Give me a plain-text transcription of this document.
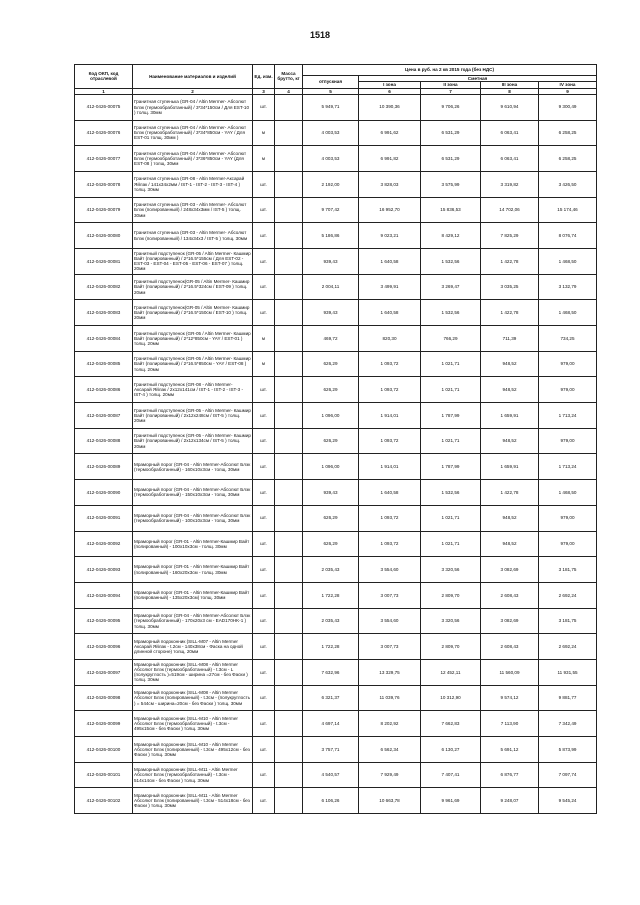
1518
Код ОКП, код отраслевой	Наименование материалов и изделий	Ед. изм.	Масса брутто, кг	Цена в руб. на 2 кв 2015 года (без НДС)				
				отпускная	Сметная			
					I зона	II зона	III зона	IV зона
1	2	3	4	5	6	7	8	9
412-0426-00075	Гранитная ступенька (GR-04 / Altin Mermer- Абсолют Блэк (термообработанный) / 3*34*150см / Для EST-10 ) толщ. 30мм	шт.		5 949,71	10 390,36	9 706,26	9 610,94	9 300,49
412-0426-00076	Гранитная ступенька (GR-04 / Altin Mermer- Абсолют Блэк (термообработанный) / 3*34*850см - YAY / Для EST-01 толщ. 30мм )	м		4 003,53	6 991,62	6 531,29	6 063,41	6 258,25
412-0426-00077	Гранитная ступенька (GR-04 / Altin Mermer- Абсолют Блэк (термообработанный) / 3*36*850см - YAY (Для EST-08 ) толщ. 30мм	м		4 003,53	6 991,82	6 531,29	6 063,41	6 258,25
412-0426-00078	Гранитная ступенька (GR-08 - Altin Mermer-Аксарай Яйлак / 141x34x2мм / IST-1 - IST-2 - IST-3 - IST-4 ) толщ. 30мм	шт.		2 192,00	3 828,03	3 575,99	3 319,82	3 426,50
412-0426-00079	Гранитная ступенька (GR-03 - Altin Mermer- Абсолют Блэк (полированный) / 248x34x3мм / IST-5 ) толщ. 30мм	шт.		9 707,42	16 952,70	15 836,53	14 702,06	15 174,46
412-0426-00080	Гранитная ступенька (GR-03 - Altin Mermer- Абсолют Блэк (полированный) / 134x34x3 / IST-5 ) толщ. 30мм	шт.		5 186,86	9 023,21	8 429,12	7 825,29	8 076,74
412-0426-00081	Гранитный подступенок (GR-05 / Altin Mermer- Кашмир Вайт (полированный) / 2*16.5*155см / Для EST-02 - EST-03 - EST-04 - EST-05 - EST-06 - EST-07 ) толщ. 20мм	шт.		939,43	1 640,58	1 532,56	1 422,78	1 468,50
412-0426-00082	Гранитный подступенок(GR-05 / Altin Mermer- Кашмир Вайт (полированный) / 2*16.5*324см / EST-09 ) толщ. 20мм	шт.		2 004,11	3 499,91	3 269,47	3 035,25	3 132,79
412-0426-00083	Гранитный подступенок(GR-05 / Altin Mermer- Кашмир Вайт (полированный) / 2*16.5*150см / EST-10 ) толщ. 20мм	шт.		939,43	1 640,58	1 532,56	1 422,78	1 468,50
412-0426-00084	Гранитный подступенок (GR-05 / Altin Mermer- Кашмир Вайт (полированный) / 2*12*850см - YAY / EST-01 ) толщ. 20мм	м		469,72	820,30	766,29	711,39	734,25
412-0426-00085	Гранитный подступенок (GR-05 / Altin Mermer- Кашмир Вайт (полированный) / 2*16.5*850см - YAY / EST-08 ) толщ. 20мм	м		626,29	1 093,72	1 021,71	948,52	979,00
412-0426-00086	Гранитный подступенок (GR-08 - Altin Mermer- Аксарай Яйлак / 2x12x141см / IST-1 - IST-2 - IST-3 - IST-4 ) толщ. 20мм	шт.		626,29	1 093,72	1 021,71	948,52	979,00
412-0426-00087	Гранитный подступенок (GR-05 - Altin Mermer- Кашмир Вайт (полированный) / 2x12x248см / IST-5 ) толщ. 20мм	шт.		1 096,00	1 914,01	1 787,99	1 659,91	1 713,24
412-0426-00088	Гранитный подступенок (GR-05 - Altin Mermer- Кашмир Вайт (полированный) / 2x12x134см / IST-5 ) толщ. 20мм	шт.		626,29	1 093,72	1 021,71	948,52	979,00
412-0426-00089	Мраморный порог (GR-04 - Altin Mermer-Абсолют Блэк (термообработанный) - 160x10x3см - толщ. 30мм	шт.		1 096,00	1 914,01	1 787,99	1 659,91	1 713,24
412-0426-00090	Мраморный порог (GR-04 - Altin Mermer-Абсолют Блэк (термообработанный) - 150x10x3см - толщ. 30мм	шт.		939,43	1 640,58	1 532,56	1 422,78	1 468,50
412-0426-00091	Мраморный порог (GR-04 - Altin Mermer-Абсолют Блэк (термообработанный) - 100x10x3см - толщ. 30мм	шт.		626,29	1 093,72	1 021,71	948,52	979,00
412-0426-00092	Мраморный порог (GR-01 - Altin Mermer-Кашмир Вайт (полированный) - 100x10x3см - толщ. 30мм	шт.		626,29	1 093,72	1 021,71	948,52	979,00
412-0426-00093	Мраморный порог (GR-01 - Altin Mermer-Кашмир Вайт (полированный) - 160x20x3см - толщ. 30мм	шт.		2 035,43	3 554,60	3 320,56	3 082,69	3 181,75
412-0426-00094	Мраморный порог (GR-01 - Altin Mermer-Кашмир Вайт (полированный) - 135x20x3см) толщ. 30мм	шт.		1 722,28	3 007,73	2 809,70	2 608,43	2 692,24
412-0426-00095	Мраморный порог (GR-04 - Altin Mermer-Абсолют Блэк (термообработанный) - 170x20x3 см - EAD170HK-1 ) толщ. 30мм	шт.		2 035,43	3 554,60	3 320,56	3 082,69	3 181,75
412-0426-00096	Мраморный подоконник (SILL-M07 - Altin Mermer Аксарай Яйлак - t.2см - 140x38см - Фаска на одной длинной стороне) толщ. 20мм	шт.		1 722,28	3 007,73	2 809,70	2 608,43	2 692,24
412-0426-00097	Мраморный подоконник (SILL-M08 - Altin Mermer Абсолют Блэк (термообработанный) - t.3см - L (полукруглость )=519см - ширина =27см - без Фаски ) толщ. 30мм	шт.		7 632,96	13 329,75	12 452,11	11 560,09	11 931,55
412-0426-00098	Мраморный подоконник (SILL-M08 - Altin Mermer Абсолют Блэк (полированный) - t.3см - (полукруглость ) = 544см - ширина=20см - без Фаски ) толщ. 30мм	шт.		6 321,37	11 039,76	10 312,90	9 574,12	9 881,77
412-0426-00099	Мраморный подоконник (SILL-M10 - Altin Mermer Абсолют Блэк (термообработанный) - t.3см - 495x15см - без Фаски ) толщ. 30мм	шт.		4 697,14	8 202,92	7 662,83	7 113,90	7 342,49
412-0426-00100	Мраморный подоконник (SILL-M10 - Altin Mermer Абсолют Блэк (полированный) - t.3см - 495x12см - без Фаски ) толщ. 30мм	шт.		3 757,71	6 562,34	6 130,27	5 691,12	5 873,99
412-0426-00101	Мраморный подоконник (SILL-M11 - Altin Mermer Абсолют Блэк (термообработанный) - t.3см - 514x14см - без Фаски ) толщ. 30мм	шт.		4 540,57	7 929,49	7 407,41	6 876,77	7 097,74
412-0426-00102	Мраморный подоконник (SILL-M11 - Altin Mermer Абсолют Блэк (полированный) - t.3см - 514x18см - без Фаски ) толщ. 30мм	шт.		6 106,26	10 663,78	9 961,69	9 248,07	9 545,24
